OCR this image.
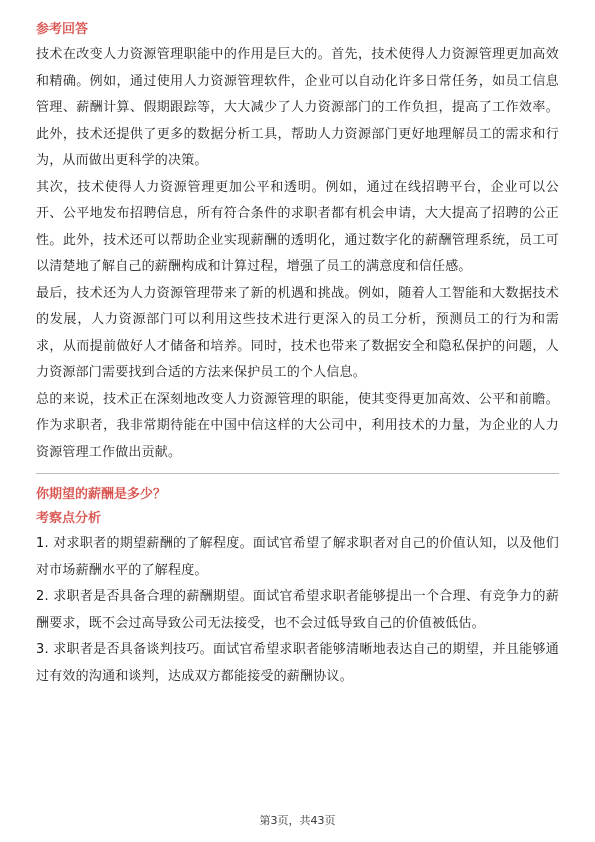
参考回答

技术在改变人力资源管理职能中的作用是巨大的。首先，技术使得人力资源管理更加高效和精确。例如，通过使用人力资源管理软件，企业可以自动化许多日常任务，如员工信息管理、薪酬计算、假期跟踪等，大大减少了人力资源部门的工作负担，提高了工作效率。此外，技术还提供了更多的数据分析工具，帮助人力资源部门更好地理解员工的需求和行为，从而做出更科学的决策。

其次，技术使得人力资源管理更加公平和透明。例如，通过在线招聘平台，企业可以公开、公平地发布招聘信息，所有符合条件的求职者都有机会申请，大大提高了招聘的公正性。此外，技术还可以帮助企业实现薪酬的透明化，通过数字化的薪酬管理系统，员工可以清楚地了解自己的薪酬构成和计算过程，增强了员工的满意度和信任感。

最后，技术还为人力资源管理带来了新的机遇和挑战。例如，随着人工智能和大数据技术的发展，人力资源部门可以利用这些技术进行更深入的员工分析，预测员工的行为和需求，从而提前做好人才储备和培养。同时，技术也带来了数据安全和隐私保护的问题，人力资源部门需要找到合适的方法来保护员工的个人信息。

总的来说，技术正在深刻地改变人力资源管理的职能，使其变得更加高效、公平和前瞻。作为求职者，我非常期待能在中国中信这样的大公司中，利用技术的力量，为企业的人力资源管理工作做出贡献。

你期望的薪酬是多少？

考察点分析

1. 对求职者的期望薪酬的了解程度。面试官希望了解求职者对自己的价值认知，以及他们对市场薪酬水平的了解程度。

2. 求职者是否具备合理的薪酬期望。面试官希望求职者能够提出一个合理、有竞争力的薪酬要求，既不会过高导致公司无法接受，也不会过低导致自己的价值被低估。

3. 求职者是否具备谈判技巧。面试官希望求职者能够清晰地表达自己的期望，并且能够通过有效的沟通和谈判，达成双方都能接受的薪酬协议。

第3页，共43页
